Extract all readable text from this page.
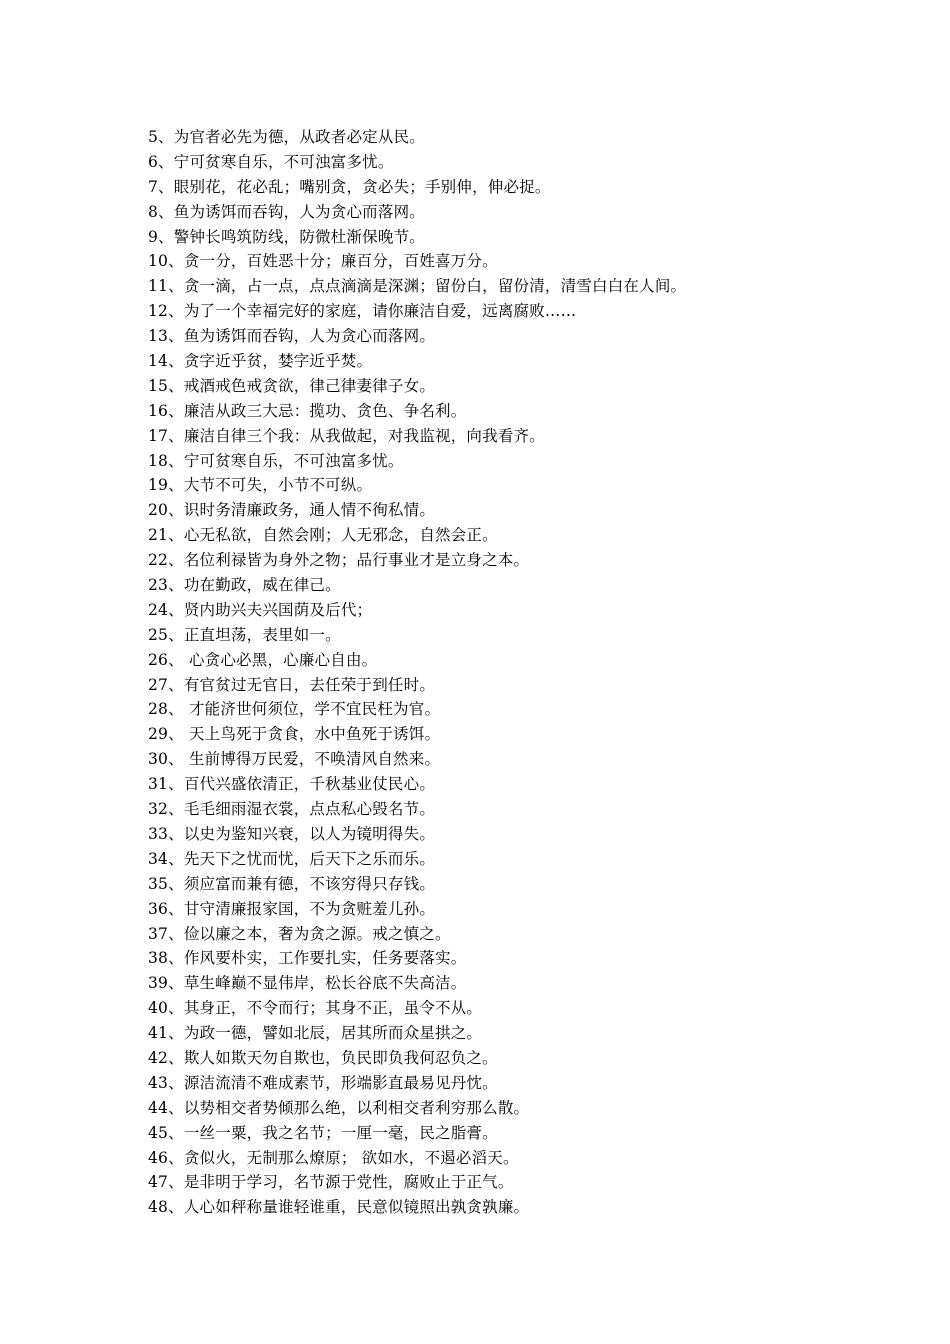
5、为官者必先为德，从政者必定从民。
6、宁可贫寒自乐，不可浊富多忧。
7、眼别花，花必乱；嘴别贪，贪必失；手别伸，伸必捉。
8、鱼为诱饵而吞钩，人为贪心而落网。
9、警钟长鸣筑防线，防微杜渐保晚节。
10、贪一分，百姓恶十分；廉百分，百姓喜万分。
11、贪一滴，占一点，点点滴滴是深渊；留份白，留份清，清雪白白在人间。
12、为了一个幸福完好的家庭，请你廉洁自爱，远离腐败……
13、鱼为诱饵而吞钩，人为贪心而落网。
14、贪字近乎贫，婪字近乎焚。
15、戒酒戒色戒贪欲，律己律妻律子女。
16、廉洁从政三大忌：揽功、贪色、争名利。
17、廉洁自律三个我：从我做起，对我监视，向我看齐。
18、宁可贫寒自乐，不可浊富多忧。
19、大节不可失，小节不可纵。
20、识时务清廉政务，通人情不徇私情。
21、心无私欲，自然会刚；人无邪念，自然会正。
22、名位利禄皆为身外之物；品行事业才是立身之本。
23、功在勤政，威在律己。
24、贤内助兴夫兴国荫及后代；
25、正直坦荡，表里如一。
26、 心贪心必黑，心廉心自由。
27、有官贫过无官日，去任荣于到任时。
28、 才能济世何须位，学不宜民枉为官。
29、 天上鸟死于贪食，水中鱼死于诱饵。
30、 生前博得万民爱，不唤清风自然来。
31、百代兴盛依清正，千秋基业仗民心。
32、毛毛细雨湿衣裳，点点私心毁名节。
33、以史为鉴知兴衰，以人为镜明得失。
34、先天下之忧而忧，后天下之乐而乐。
35、须应富而兼有德，不该穷得只存钱。
36、甘守清廉报家国，不为贪赃羞儿孙。
37、俭以廉之本，奢为贪之源。戒之慎之。
38、作风要朴实，工作要扎实，任务要落实。
39、草生峰巅不显伟岸，松长谷底不失高洁。
40、其身正，不令而行；其身不正，虽令不从。
41、为政一德，譬如北辰，居其所而众星拱之。
42、欺人如欺天勿自欺也，负民即负我何忍负之。
43、源洁流清不难成素节，形端影直最易见丹忱。
44、以势相交者势倾那么绝，以利相交者利穷那么散。
45、一丝一粟，我之名节；一厘一毫，民之脂膏。
46、贪似火，无制那么燎原； 欲如水，不遏必滔天。
47、是非明于学习，名节源于党性，腐败止于正气。
48、人心如秤称量谁轻谁重，民意似镜照出孰贪孰廉。
